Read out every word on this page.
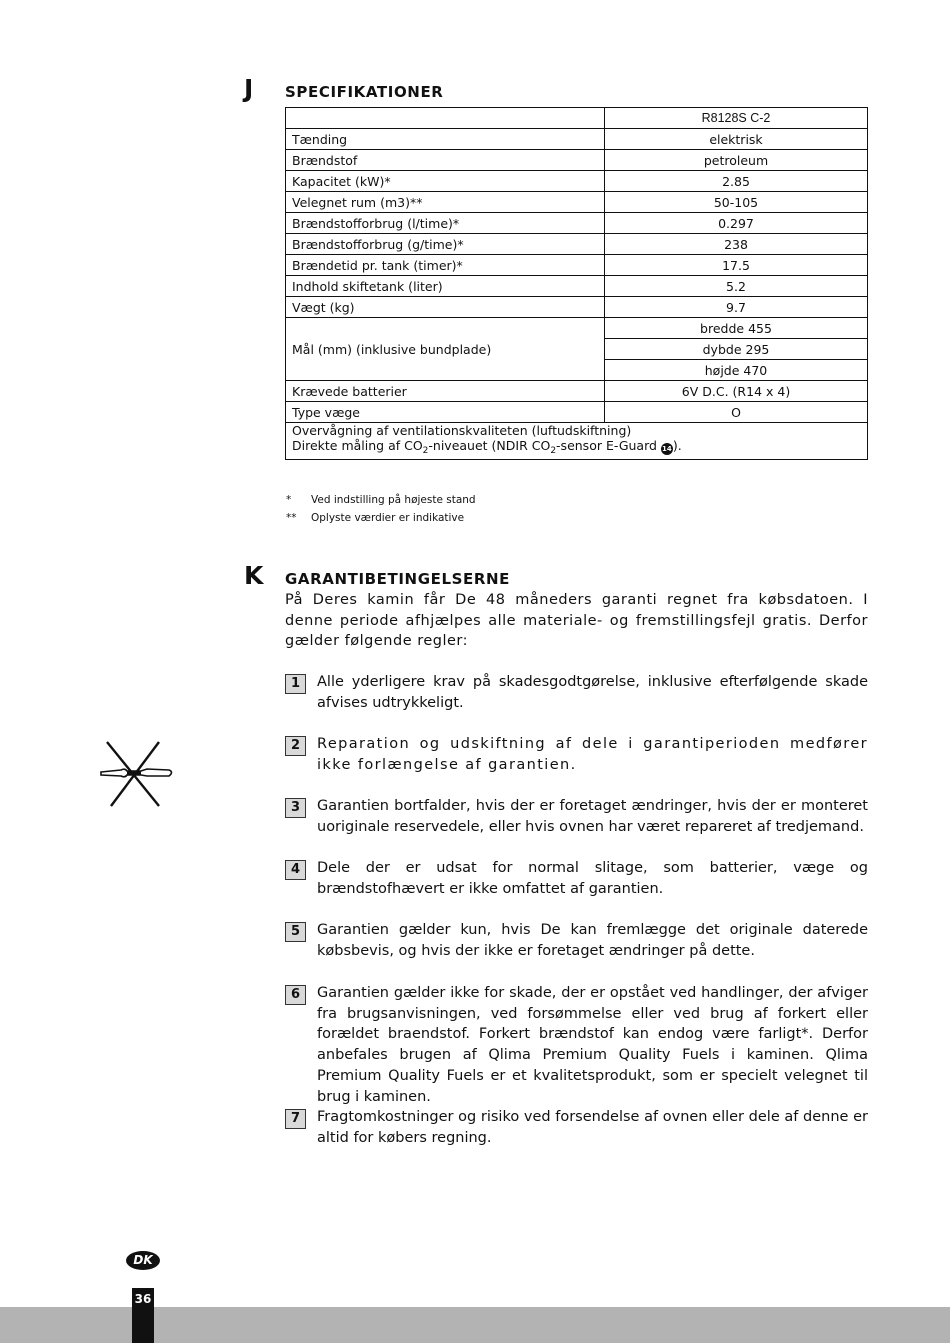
J SPECIFIKATIONER
	R8128S C-2
Tænding	elektrisk
Brændstof	petroleum
Kapacitet (kW)*	2.85
Velegnet rum (m3)**	50-105
Brændstofforbrug (l/time)*	0.297
Brændstofforbrug (g/time)*	238
Brændetid pr. tank (timer)*	17.5
Indhold skiftetank (liter)	5.2
Vægt (kg)	9.7
Mål (mm) (inklusive bundplade)	bredde 455
	dybde 295
	højde 470
Krævede batterier	6V D.C. (R14 x 4)
Type væge	O
Overvågning af ventilationskvaliteten (luftudskiftning)
Direkte måling af $CO_2$-niveauet (NDIR $CO_2$-sensor E-Guard 14).	
* Ved indstilling på højeste stand
** Oplyste værdier er indikative
K GARANTIBETINGELSERNE
På Deres kamin får De 48 måneders garanti regnet fra købsdatoen. I denne periode afhjælpes alle materiale- og fremstillingsfejl gratis. Derfor gælder følgende regler:
1	Alle yderligere krav på skadesgodtgørelse, inklusive efterfølgende skade afvises udtrykkeligt.
2	Reparation og udskiftning af dele i garantiperioden medfører ikke forlængelse af garantien.
3	Garantien bortfalder, hvis der er foretaget ændringer, hvis der er monteret uoriginale reservedele, eller hvis ovnen har været repareret af tredjemand.
4	Dele der er udsat for normal slitage, som batterier, væge og brændstofhævert er ikke omfattet af garantien.
5	Garantien gælder kun, hvis De kan fremlægge det originale daterede købsbevis, og hvis der ikke er foretaget ændringer på dette.
6	Garantien gælder ikke for skade, der er opstået ved handlinger, der afviger fra brugsanvisningen, ved forsømmelse eller ved brug af forkert eller forældet braendstof. Forkert brændstof kan endog være farligt*. Derfor anbefales brugen af Qlima Premium Quality Fuels i kaminen. Qlima Premium Quality Fuels er et kvalitetsprodukt, som er specielt velegnet til brug i kaminen.
7	Fragtomkostninger og risiko ved forsendelse af ovnen eller dele af denne er altid for købers regning.
DK
36
